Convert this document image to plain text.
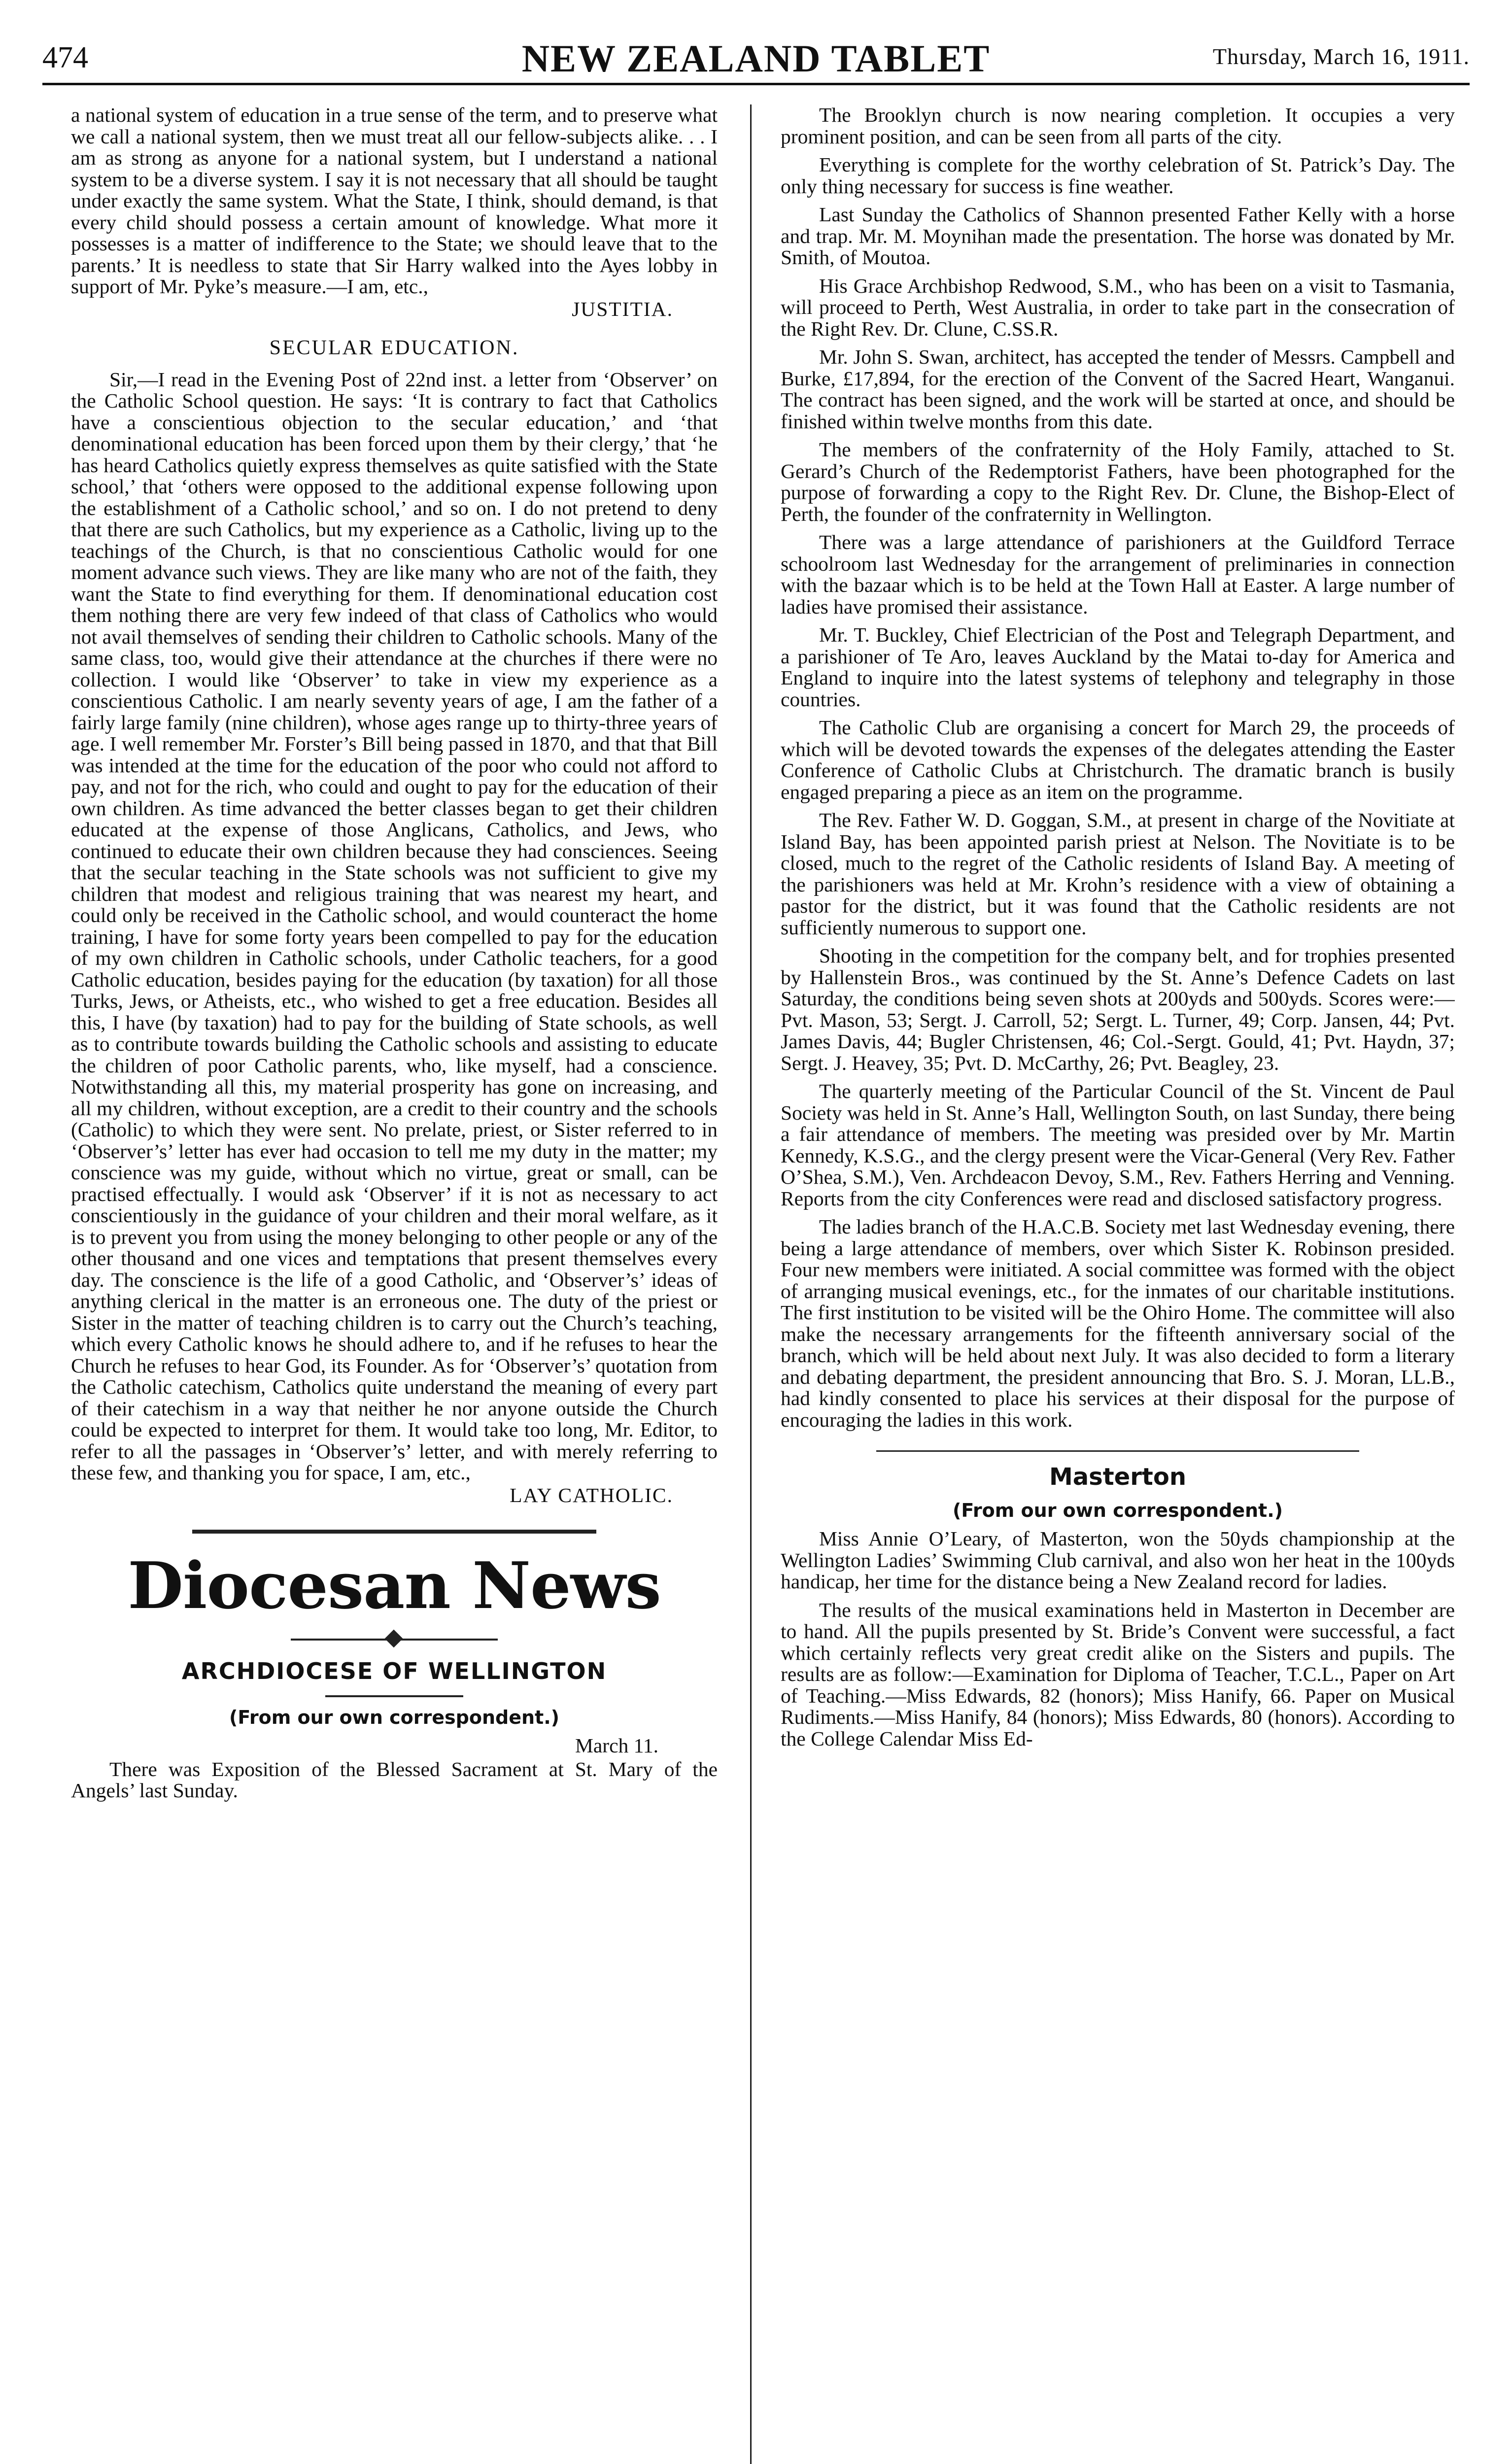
474	NEW ZEALAND TABLET	Thursday, March 16, 1911.

a national system of education in a true sense of the term, and to preserve what we call a national system, then we must treat all our fellow-subjects alike. . . I am as strong as anyone for a national system, but I understand a national system to be a diverse system. I say it is not necessary that all should be taught under exactly the same system. What the State, I think, should demand, is that every child should possess a certain amount of knowledge. What more it possesses is a matter of indifference to the State; we should leave that to the parents.’ It is needless to state that Sir Harry walked into the Ayes lobby in support of Mr. Pyke’s measure.—I am, etc.,

JUSTITIA.
SECULAR EDUCATION.

Sir,—I read in the Evening Post of 22nd inst. a letter from ‘Observer’ on the Catholic School question. He says: ‘It is contrary to fact that Catholics have a conscientious objection to the secular education,’ and ‘that denominational education has been forced upon them by their clergy,’ that ‘he has heard Catholics quietly express themselves as quite satisfied with the State school,’ that ‘others were opposed to the additional expense following upon the establishment of a Catholic school,’ and so on. I do not pretend to deny that there are such Catholics, but my experience as a Catholic, living up to the teachings of the Church, is that no conscientious Catholic would for one moment advance such views. They are like many who are not of the faith, they want the State to find everything for them. If denominational education cost them nothing there are very few indeed of that class of Catholics who would not avail themselves of sending their children to Catholic schools. Many of the same class, too, would give their attendance at the churches if there were no collection. I would like ‘Observer’ to take in view my experience as a conscientious Catholic. I am nearly seventy years of age, I am the father of a fairly large family (nine children), whose ages range up to thirty-three years of age. I well remember Mr. Forster’s Bill being passed in 1870, and that that Bill was intended at the time for the education of the poor who could not afford to pay, and not for the rich, who could and ought to pay for the education of their own children. As time advanced the better classes began to get their children educated at the expense of those Anglicans, Catholics, and Jews, who continued to educate their own children because they had consciences. Seeing that the secular teaching in the State schools was not sufficient to give my children that modest and religious training that was nearest my heart, and could only be received in the Catholic school, and would counteract the home training, I have for some forty years been compelled to pay for the education of my own children in Catholic schools, under Catholic teachers, for a good Catholic education, besides paying for the education (by taxation) for all those Turks, Jews, or Atheists, etc., who wished to get a free education. Besides all this, I have (by taxation) had to pay for the building of State schools, as well as to contribute towards building the Catholic schools and assisting to educate the children of poor Catholic parents, who, like myself, had a conscience. Notwithstanding all this, my material prosperity has gone on increasing, and all my children, without exception, are a credit to their country and the schools (Catholic) to which they were sent. No prelate, priest, or Sister referred to in ‘Observer’s’ letter has ever had occasion to tell me my duty in the matter; my conscience was my guide, without which no virtue, great or small, can be practised effectually. I would ask ‘Observer’ if it is not as necessary to act conscientiously in the guidance of your children and their moral welfare, as it is to prevent you from using the money belonging to other people or any of the other thousand and one vices and temptations that present themselves every day. The conscience is the life of a good Catholic, and ‘Observer’s’ ideas of anything clerical in the matter is an erroneous one. The duty of the priest or Sister in the matter of teaching children is to carry out the Church’s teaching, which every Catholic knows he should adhere to, and if he refuses to hear the Church he refuses to hear God, its Founder. As for ‘Observer’s’ quotation from the Catholic catechism, Catholics quite understand the meaning of every part of their catechism in a way that neither he nor anyone outside the Church could be expected to interpret for them. It would take too long, Mr. Editor, to refer to all the passages in ‘Observer’s’ letter, and with merely referring to these few, and thanking you for space, I am, etc.,

LAY CATHOLIC.
Diocesan News
ARCHDIOCESE OF WELLINGTON
(From our own correspondent.)
March 11.

There was Exposition of the Blessed Sacrament at St. Mary of the Angels’ last Sunday.

The Brooklyn church is now nearing completion. It occupies a very prominent position, and can be seen from all parts of the city.

Everything is complete for the worthy celebration of St. Patrick’s Day. The only thing necessary for success is fine weather.

Last Sunday the Catholics of Shannon presented Father Kelly with a horse and trap. Mr. M. Moynihan made the presentation. The horse was donated by Mr. Smith, of Moutoa.

His Grace Archbishop Redwood, S.M., who has been on a visit to Tasmania, will proceed to Perth, West Australia, in order to take part in the consecration of the Right Rev. Dr. Clune, C.SS.R.

Mr. John S. Swan, architect, has accepted the tender of Messrs. Campbell and Burke, £17,894, for the erection of the Convent of the Sacred Heart, Wanganui. The contract has been signed, and the work will be started at once, and should be finished within twelve months from this date.

The members of the confraternity of the Holy Family, attached to St. Gerard’s Church of the Redemptorist Fathers, have been photographed for the purpose of forwarding a copy to the Right Rev. Dr. Clune, the Bishop-Elect of Perth, the founder of the confraternity in Wellington.

There was a large attendance of parishioners at the Guildford Terrace schoolroom last Wednesday for the arrangement of preliminaries in connection with the bazaar which is to be held at the Town Hall at Easter. A large number of ladies have promised their assistance.

Mr. T. Buckley, Chief Electrician of the Post and Telegraph Department, and a parishioner of Te Aro, leaves Auckland by the Matai to-day for America and England to inquire into the latest systems of telephony and telegraphy in those countries.

The Catholic Club are organising a concert for March 29, the proceeds of which will be devoted towards the expenses of the delegates attending the Easter Conference of Catholic Clubs at Christchurch. The dramatic branch is busily engaged preparing a piece as an item on the programme.

The Rev. Father W. D. Goggan, S.M., at present in charge of the Novitiate at Island Bay, has been appointed parish priest at Nelson. The Novitiate is to be closed, much to the regret of the Catholic residents of Island Bay. A meeting of the parishioners was held at Mr. Krohn’s residence with a view of obtaining a pastor for the district, but it was found that the Catholic residents are not sufficiently numerous to support one.

Shooting in the competition for the company belt, and for trophies presented by Hallenstein Bros., was continued by the St. Anne’s Defence Cadets on last Saturday, the conditions being seven shots at 200yds and 500yds. Scores were:—Pvt. Mason, 53; Sergt. J. Carroll, 52; Sergt. L. Turner, 49; Corp. Jansen, 44; Pvt. James Davis, 44; Bugler Christensen, 46; Col.-Sergt. Gould, 41; Pvt. Haydn, 37; Sergt. J. Heavey, 35; Pvt. D. McCarthy, 26; Pvt. Beagley, 23.

The quarterly meeting of the Particular Council of the St. Vincent de Paul Society was held in St. Anne’s Hall, Wellington South, on last Sunday, there being a fair attendance of members. The meeting was presided over by Mr. Martin Kennedy, K.S.G., and the clergy present were the Vicar-General (Very Rev. Father O’Shea, S.M.), Ven. Archdeacon Devoy, S.M., Rev. Fathers Herring and Venning. Reports from the city Conferences were read and disclosed satisfactory progress.

The ladies branch of the H.A.C.B. Society met last Wednesday evening, there being a large attendance of members, over which Sister K. Robinson presided. Four new members were initiated. A social committee was formed with the object of arranging musical evenings, etc., for the inmates of our charitable institutions. The first institution to be visited will be the Ohiro Home. The committee will also make the necessary arrangements for the fifteenth anniversary social of the branch, which will be held about next July. It was also decided to form a literary and debating department, the president announcing that Bro. S. J. Moran, LL.B., had kindly consented to place his services at their disposal for the purpose of encouraging the ladies in this work.

Masterton
(From our own correspondent.)

Miss Annie O’Leary, of Masterton, won the 50yds championship at the Wellington Ladies’ Swimming Club carnival, and also won her heat in the 100yds handicap, her time for the distance being a New Zealand record for ladies.

The results of the musical examinations held in Masterton in December are to hand. All the pupils presented by St. Bride’s Convent were successful, a fact which certainly reflects very great credit alike on the Sisters and pupils. The results are as follow:—Examination for Diploma of Teacher, T.C.L., Paper on Art of Teaching.—Miss Edwards, 82 (honors); Miss Hanify, 66. Paper on Musical Rudiments.—Miss Hanify, 84 (honors); Miss Edwards, 80 (honors). According to the College Calendar Miss Ed-
